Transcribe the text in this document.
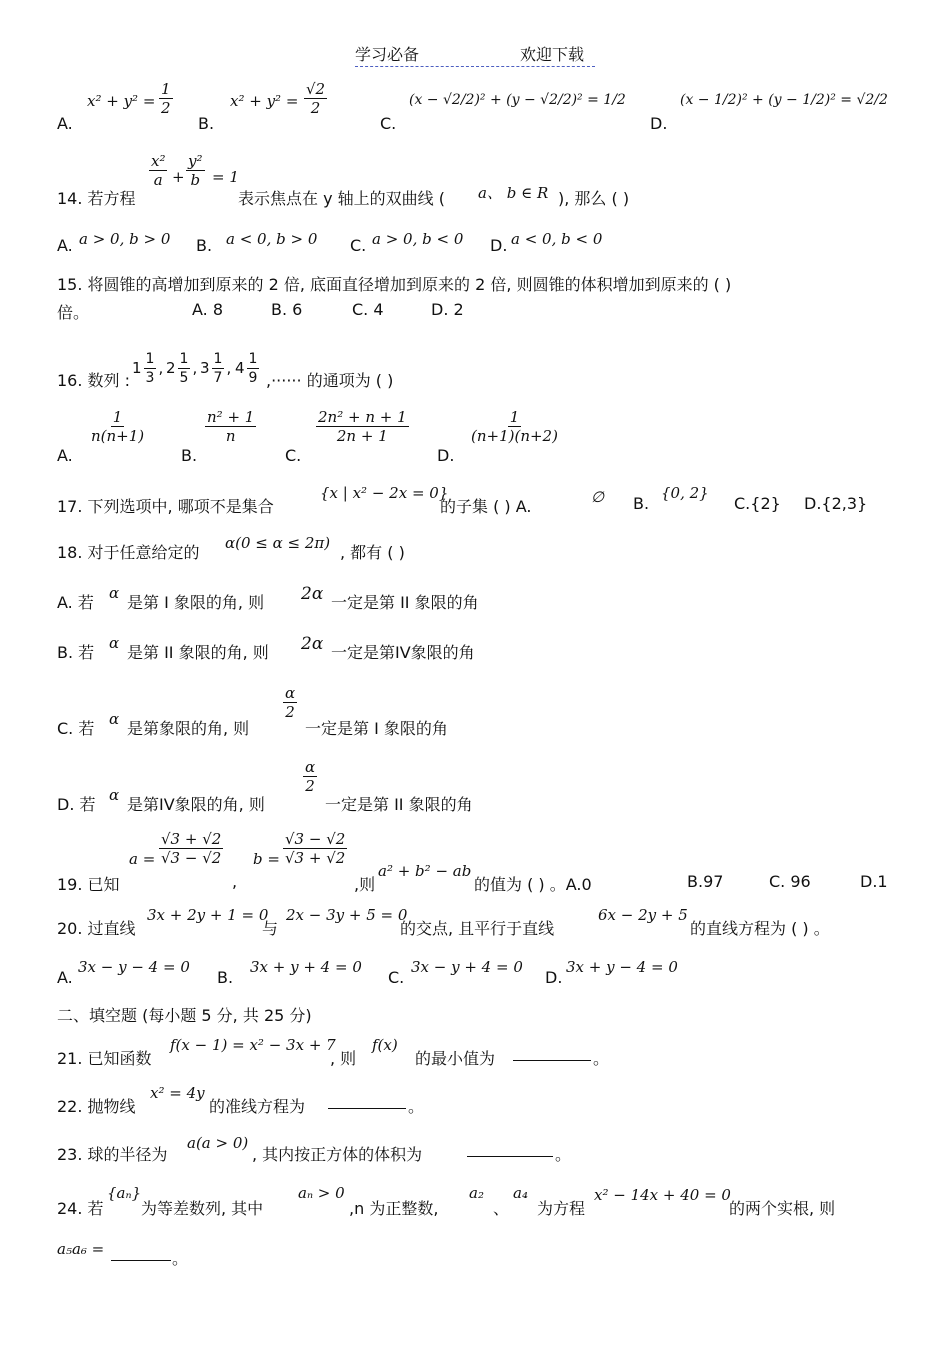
学习必备	欢迎下载
A.
$x^2 + y^2 = \frac{1}{2}$
B.
$x^2 + y^2 = \frac{√2}{2}$
C.
(x − √2/2)² + (y − √2/2)² = 1/2
D.
(x − 1/2)² + (y − 1/2)² = √2/2
14. 若方程
$\frac{\text{x²}}{a} + \frac{\text{y²}}{b} = 1$
表示焦点在 y 轴上的双曲线 ( a、 b ∈ R ), 那么 ( )
A. a > 0, b > 0 B. a < 0, b > 0 C. a > 0, b < 0 D. a < 0, b < 0
15. 将圆锥的高增加到原来的 2 倍, 底面直径增加到原来的 2 倍, 则圆锥的体积增加到原来的 ( )
倍。	A. 8	B. 6	C. 4	D. 2
16. 数列 :
$1 \frac{1}{3}$ , $2 \frac{1}{5}$ , $3 \frac{1}{7}$ , $4 \frac{1}{9}$ ,······ 的通项为 ( )
A.
$\frac{1}{n(n+1)}$
B.
$\frac{\text{n² + 1}}{n}$
C.
$\frac{\text{2n² + n + 1}}{2n + 1}$
D.
$\frac{1}{(n+1)(n+2)}$
17. 下列选项中, 哪项不是集合
{x | x² − 2x = 0}
的子集 ( ) A.	∅ B.
{0, 2}
C.{2} D.{2,3}
18. 对于任意给定的 α(0 ≤ α ≤ 2π) , 都有 ( )
A. 若 α 是第 I 象限的角, 则 2α 一定是第 II 象限的角
B. 若 α 是第 II 象限的角, 则 2α 一定是第IV象限的角
C. 若 α 是第象限的角, 则
$\frac{\alpha}{2}$
一定是第 I 象限的角
D. 若 α 是第IV象限的角, 则
$\frac{\alpha}{2}$
一定是第 II 象限的角
19. 已知
$a = \frac{√3 + √2}{√3 - √2}$
,
$b = \frac{√3 - √2}{√3 + √2}$
,则
a² + b² − ab
的值为 ( ) 。A.0	B.97	C. 96	D.1
20. 过直线
3x + 2y + 1 = 0
与
2x − 3y + 5 = 0
的交点, 且平行于直线
6x − 2y + 5
的直线方程为 ( ) 。
A.
3x − y − 4 = 0
B.
3x + y + 4 = 0
C.
3x − y + 4 = 0
D.
3x + y − 4 = 0
二、填空题 (每小题 5 分, 共 25 分)
21. 已知函数
f(x − 1) = x² − 3x + 7
, 则
f(x)
的最小值为	。
22. 抛物线
x² = 4y
的准线方程为	。
23. 球的半径为
a(a > 0)
, 其内按正方体的体积为	。
24. 若
{aₙ}
为等差数列, 其中
aₙ > 0
,n 为正整数,
a₂
、
a₄
为方程
x² − 14x + 40 = 0
的两个实根, 则
a₅a₆ =	。
